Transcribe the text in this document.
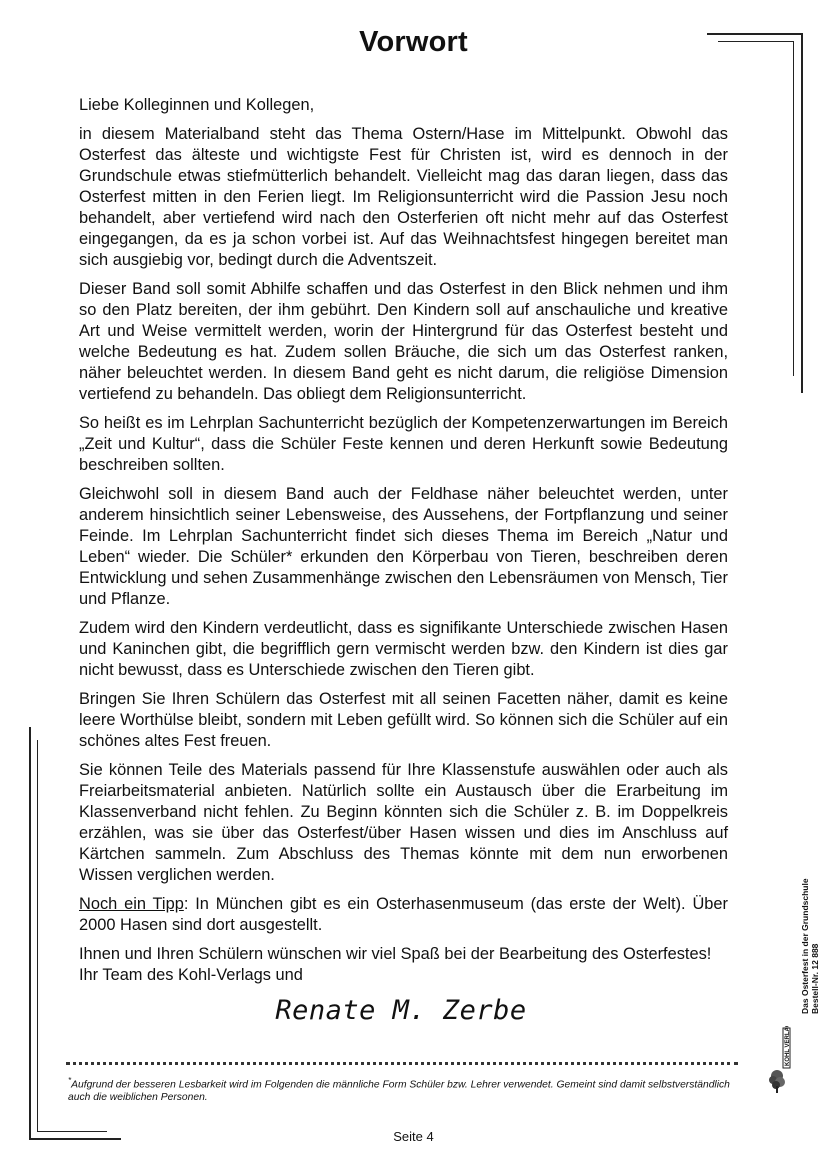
Vorwort

Liebe Kolleginnen und Kollegen,

in diesem Materialband steht das Thema Ostern/Hase im Mittelpunkt. Obwohl das Osterfest das älteste und wichtigste Fest für Christen ist, wird es dennoch in der Grundschule etwas stiefmütterlich behandelt. Vielleicht mag das daran liegen, dass das Osterfest mitten in den Ferien liegt. Im Religionsunterricht wird die Passion Jesu noch behandelt, aber vertiefend wird nach den Osterferien oft nicht mehr auf das Osterfest eingegangen, da es ja schon vorbei ist. Auf das Weihnachtsfest hingegen bereitet man sich ausgiebig vor, bedingt durch die Adventszeit.

Dieser Band soll somit Abhilfe schaffen und das Osterfest in den Blick nehmen und ihm so den Platz bereiten, der ihm gebührt. Den Kindern soll auf anschauliche und kreative Art und Weise vermittelt werden, worin der Hintergrund für das Osterfest besteht und welche Bedeutung es hat. Zudem sollen Bräuche, die sich um das Osterfest ranken, näher beleuchtet werden. In diesem Band geht es nicht darum, die religiöse Dimension vertiefend zu behandeln. Das obliegt dem Religionsunterricht.

So heißt es im Lehrplan Sachunterricht bezüglich der Kompetenzerwartungen im Bereich „Zeit und Kultur“, dass die Schüler Feste kennen und deren Herkunft sowie Bedeutung beschreiben sollten.

Gleichwohl soll in diesem Band auch der Feldhase näher beleuchtet werden, unter anderem hinsichtlich seiner Lebensweise, des Aussehens, der Fortpflanzung und seiner Feinde. Im Lehrplan Sachunterricht findet sich dieses Thema im Bereich „Natur und Leben“ wieder. Die Schüler* erkunden den Körperbau von Tieren, beschreiben deren Entwicklung und sehen Zusammenhänge zwischen den Lebensräumen von Mensch, Tier und Pflanze.

Zudem wird den Kindern verdeutlicht, dass es signifikante Unterschiede zwischen Hasen und Kaninchen gibt, die begrifflich gern vermischt werden bzw. den Kindern ist dies gar nicht bewusst, dass es Unterschiede zwischen den Tieren gibt.

Bringen Sie Ihren Schülern das Osterfest mit all seinen Facetten näher, damit es keine leere Worthülse bleibt, sondern mit Leben gefüllt wird. So können sich die Schüler auf ein schönes altes Fest freuen.

Sie können Teile des Materials passend für Ihre Klassenstufe auswählen oder auch als Freiarbeitsmaterial anbieten. Natürlich sollte ein Austausch über die Erarbeitung im Klassenverband nicht fehlen. Zu Beginn könnten sich die Schüler z. B. im Doppelkreis erzählen, was sie über das Osterfest/über Hasen wissen und dies im Anschluss auf Kärtchen sammeln. Zum Abschluss des Themas könnte mit dem nun erworbenen Wissen verglichen werden.

Noch ein Tipp: In München gibt es ein Osterhasenmuseum (das erste der Welt). Über 2000 Hasen sind dort ausgestellt.

Ihnen und Ihren Schülern wünschen wir viel Spaß bei der Bearbeitung des Osterfestes!

Ihr Team des Kohl-Verlags und

Renate M. Zerbe
*Aufgrund der besseren Lesbarkeit wird im Folgenden die männliche Form Schüler bzw. Lehrer verwendet. Gemeint sind damit selbstverständlich auch die weiblichen Personen.
Seite 4
Das Osterfest in der Grundschule Bestell-Nr. 12 888
KOHL VERLAG
